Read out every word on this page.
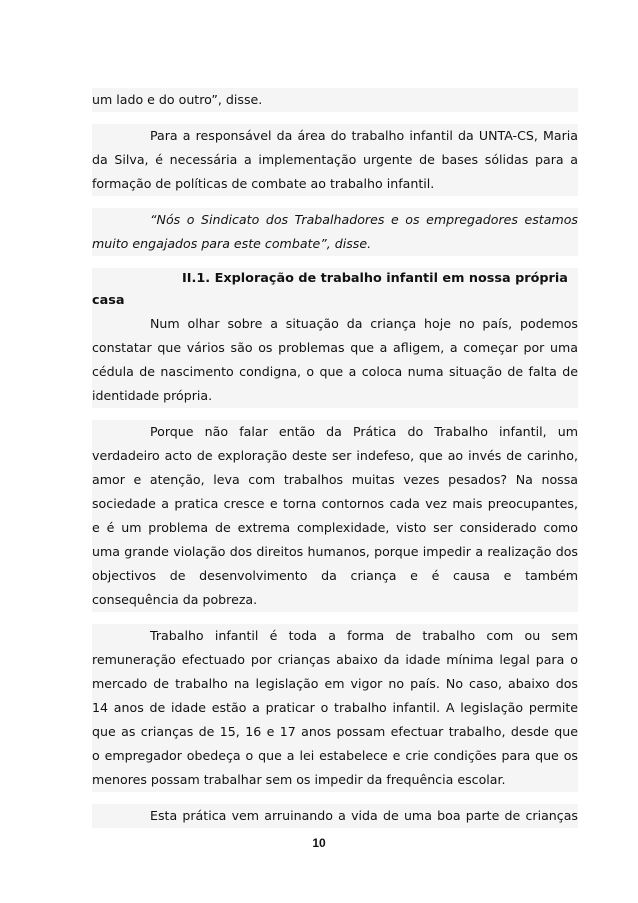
um lado e do outro”, disse.
Para a responsável da área do trabalho infantil da UNTA-CS, Maria
da Silva, é necessária a implementação urgente de bases sólidas para a
formação de políticas de combate ao trabalho infantil.
“Nós o Sindicato dos Trabalhadores e os empregadores estamos
muito engajados para este combate”, disse.
II.1. Exploração de trabalho infantil em nossa própria
casa
Num olhar sobre a situação da criança hoje no país, podemos
constatar que vários são os problemas que a afligem, a começar por uma
cédula de nascimento condigna, o que a coloca numa situação de falta de
identidade própria.
Porque não falar então da Prática do Trabalho infantil, um
verdadeiro acto de exploração deste ser indefeso, que ao invés de carinho,
amor e atenção, leva com trabalhos muitas vezes pesados? Na nossa
sociedade a pratica cresce e torna contornos cada vez mais preocupantes,
e é um problema de extrema complexidade, visto ser considerado como
uma grande violação dos direitos humanos, porque impedir a realização dos
objectivos de desenvolvimento da criança e é causa e também
consequência da pobreza.
Trabalho infantil é toda a forma de trabalho com ou sem
remuneração efectuado por crianças abaixo da idade mínima legal para o
mercado de trabalho na legislação em vigor no país. No caso, abaixo dos
14 anos de idade estão a praticar o trabalho infantil. A legislação permite
que as crianças de 15, 16 e 17 anos possam efectuar trabalho, desde que
o empregador obedeça o que a lei estabelece e crie condições para que os
menores possam trabalhar sem os impedir da frequência escolar.
Esta prática vem arruinando a vida de uma boa parte de crianças
10
